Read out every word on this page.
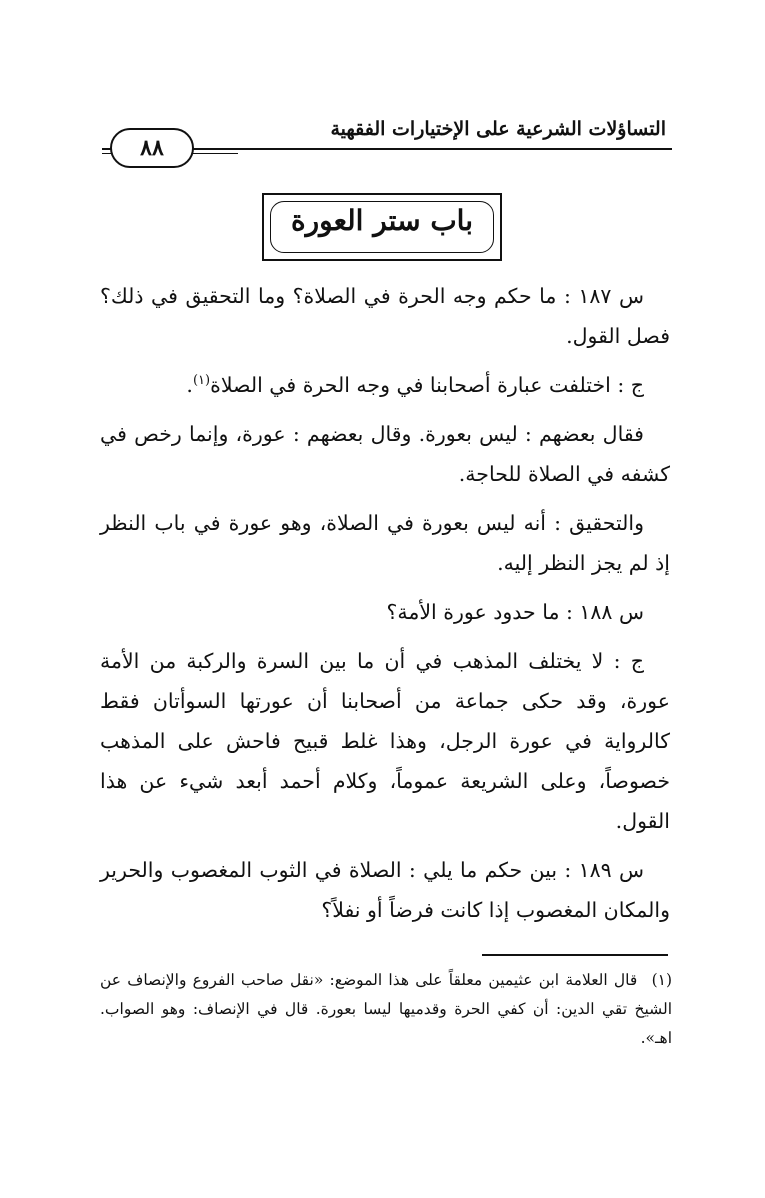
التساؤلات الشرعية على الإختيارات الفقهية
٨٨
باب ستر العورة

س ١٨٧ : ما حكم وجه الحرة في الصلاة؟ وما التحقيق في ذلك؟ فصل القول.

ج : اختلفت عبارة أصحابنا في وجه الحرة في الصلاة$^{(١)}$.

فقال بعضهم : ليس بعورة. وقال بعضهم : عورة، وإنما رخص في كشفه في الصلاة للحاجة.

والتحقيق : أنه ليس بعورة في الصلاة، وهو عورة في باب النظر إذ لم يجز النظر إليه.

س ١٨٨ : ما حدود عورة الأمة؟

ج : لا يختلف المذهب في أن ما بين السرة والركبة من الأمة عورة، وقد حكى جماعة من أصحابنا أن عورتها السوأتان فقط كالرواية في عورة الرجل، وهذا غلط قبيح فاحش على المذهب خصوصاً، وعلى الشريعة عموماً، وكلام أحمد أبعد شيء عن هذا القول.

س ١٨٩ : بين حكم ما يلي : الصلاة في الثوب المغصوب والحرير والمكان المغصوب إذا كانت فرضاً أو نفلاً؟

(١) قال العلامة ابن عثيمين معلقاً على هذا الموضع: «نقل صاحب الفروع والإنصاف عن الشيخ تقي الدين: أن كفي الحرة وقدميها ليسا بعورة. قال في الإنصاف: وهو الصواب. اهـ».
